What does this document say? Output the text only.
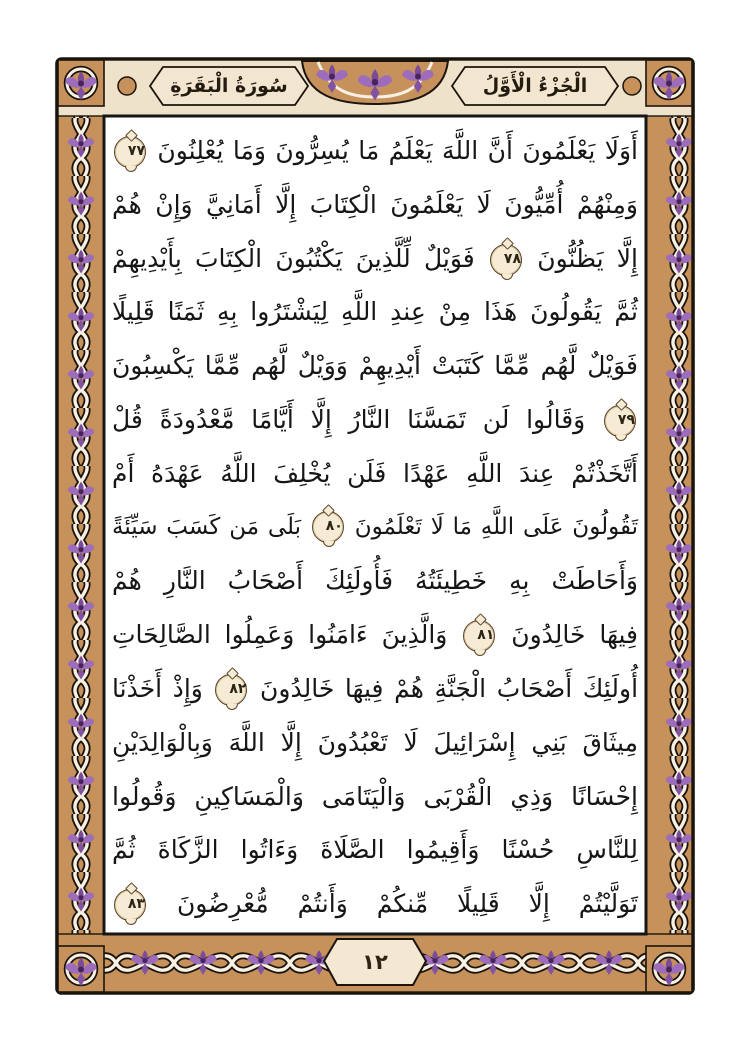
سُورَةُ الْبَقَرَةِ	الْجُزْءُ الْأَوَّلُ
أَوَلَا يَعْلَمُونَ أَنَّ اللَّهَ يَعْلَمُ مَا يُسِرُّونَ وَمَا يُعْلِنُونَ ٧٧
وَمِنْهُمْ أُمِّيُّونَ لَا يَعْلَمُونَ الْكِتَابَ إِلَّا أَمَانِيَّ وَإِنْ هُمْ
إِلَّا يَظُنُّونَ ٧٨ فَوَيْلٌ لِّلَّذِينَ يَكْتُبُونَ الْكِتَابَ بِأَيْدِيهِمْ
ثُمَّ يَقُولُونَ هَذَا مِنْ عِندِ اللَّهِ لِيَشْتَرُوا بِهِ ثَمَنًا قَلِيلًا
فَوَيْلٌ لَّهُم مِّمَّا كَتَبَتْ أَيْدِيهِمْ وَوَيْلٌ لَّهُم مِّمَّا يَكْسِبُونَ
٧٩ وَقَالُوا لَن تَمَسَّنَا النَّارُ إِلَّا أَيَّامًا مَّعْدُودَةً قُلْ
أَتَّخَذْتُمْ عِندَ اللَّهِ عَهْدًا فَلَن يُخْلِفَ اللَّهُ عَهْدَهُ أَمْ
تَقُولُونَ عَلَى اللَّهِ مَا لَا تَعْلَمُونَ ٨٠ بَلَى مَن كَسَبَ سَيِّئَةً
وَأَحَاطَتْ بِهِ خَطِيئَتُهُ فَأُولَئِكَ أَصْحَابُ النَّارِ هُمْ
فِيهَا خَالِدُونَ ٨١ وَالَّذِينَ ءَامَنُوا وَعَمِلُوا الصَّالِحَاتِ
أُولَئِكَ أَصْحَابُ الْجَنَّةِ هُمْ فِيهَا خَالِدُونَ ٨٢ وَإِذْ أَخَذْنَا
مِيثَاقَ بَنِي إِسْرَائِيلَ لَا تَعْبُدُونَ إِلَّا اللَّهَ وَبِالْوَالِدَيْنِ
إِحْسَانًا وَذِي الْقُرْبَى وَالْيَتَامَى وَالْمَسَاكِينِ وَقُولُوا
لِلنَّاسِ حُسْنًا وَأَقِيمُوا الصَّلَاةَ وَءَاتُوا الزَّكَاةَ ثُمَّ
تَوَلَّيْتُمْ إِلَّا قَلِيلًا مِّنكُمْ وَأَنتُمْ مُّعْرِضُونَ ٨٣
١٢
